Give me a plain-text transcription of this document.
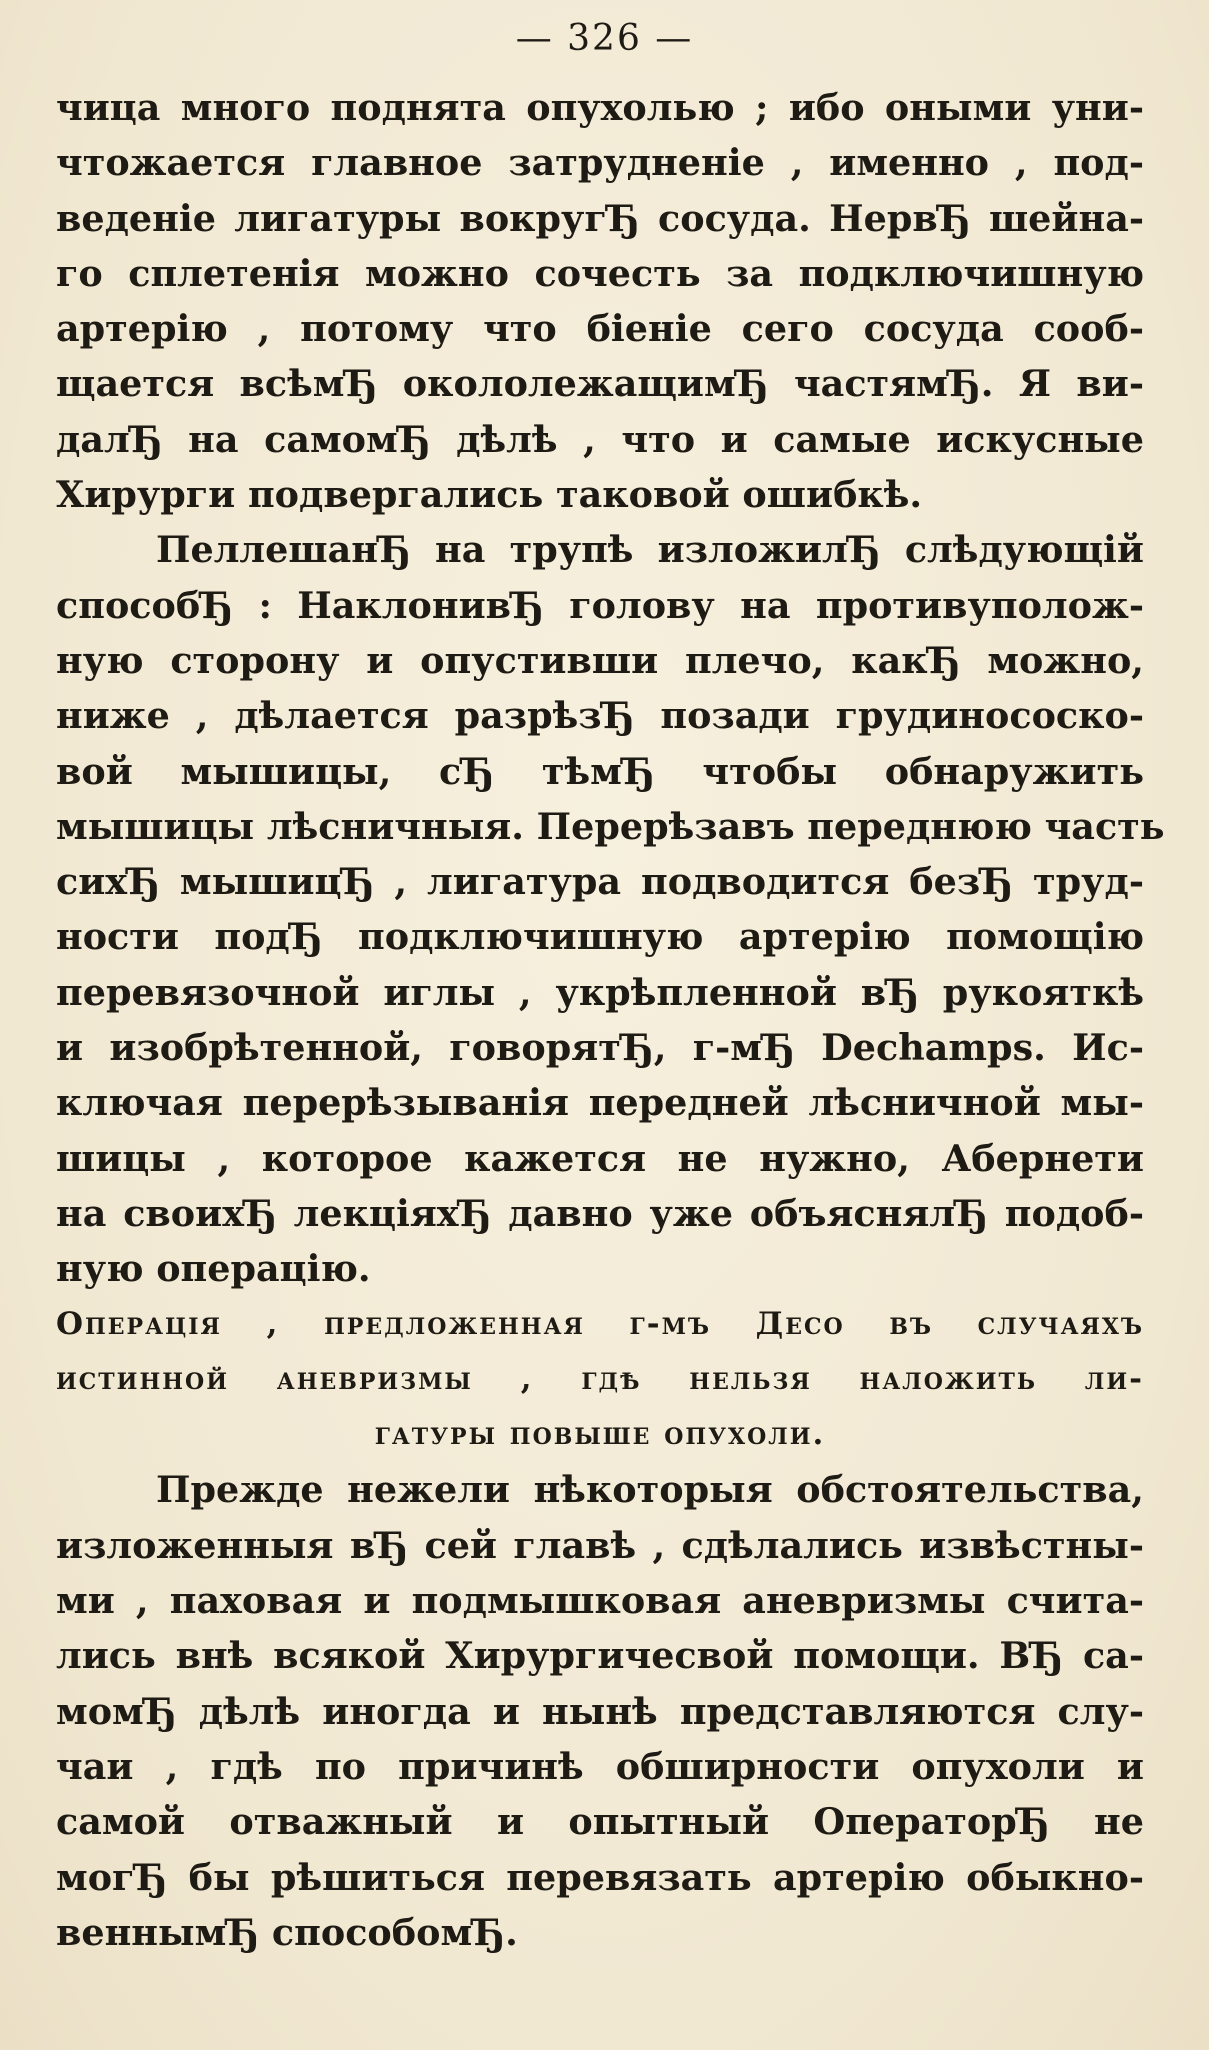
— 326 —
чица много поднята опухолью ; ибо оными уни-
чтожается главное затрудненіе , именно , под-
веденіе лигатуры вокругЂ сосуда. НервЂ шейна-
го сплетенія можно сочесть за подключишную
артерію , потому что біеніе сего сосуда сооб-
щается всѣмЂ окололежащимЂ частямЂ. Я ви-
далЂ на самомЂ дѣлѣ , что и самые искусные
Хирурги подвергались таковой ошибкѣ.
ПеллешанЂ на трупѣ изложилЂ слѣдующій
способЂ : НаклонивЂ голову на противуполож-
ную сторону и опустивши плечо, какЂ можно,
ниже , дѣлается разрѣзЂ позади грудинососко-
вой мышицы, сЂ тѣмЂ чтобы обнаружить
мышицы лѣсничныя. Перерѣзавъ переднюю часть
сихЂ мышицЂ , лигатура подводится безЂ труд-
ности подЂ подключишную артерію помощію
перевязочной иглы , укрѣпленной вЂ рукояткѣ
и изобрѣтенной, говорятЂ, г-мЂ Dechamps. Ис-
ключая перерѣзыванія передней лѣсничной мы-
шицы , которое кажется не нужно, Абернети
на своихЂ лекціяхЂ давно уже объяснялЂ подоб-
ную операцію.
Операція , предложенная г-мъ Десо въ случаяхъ
истинной аневризмы , гдѣ нельзя наложить ли-
гатуры повыше опухоли.
Прежде нежели нѣкоторыя обстоятельства,
изложенныя вЂ сей главѣ , сдѣлались извѣстны-
ми , паховая и подмышковая аневризмы счита-
лись внѣ всякой Хирургичесвой помощи. ВЂ са-
момЂ дѣлѣ иногда и нынѣ представляются слу-
чаи , гдѣ по причинѣ обширности опухоли и
самой отважный и опытный ОператорЂ не
могЂ бы рѣшиться перевязать артерію обыкно-
веннымЂ способомЂ.
